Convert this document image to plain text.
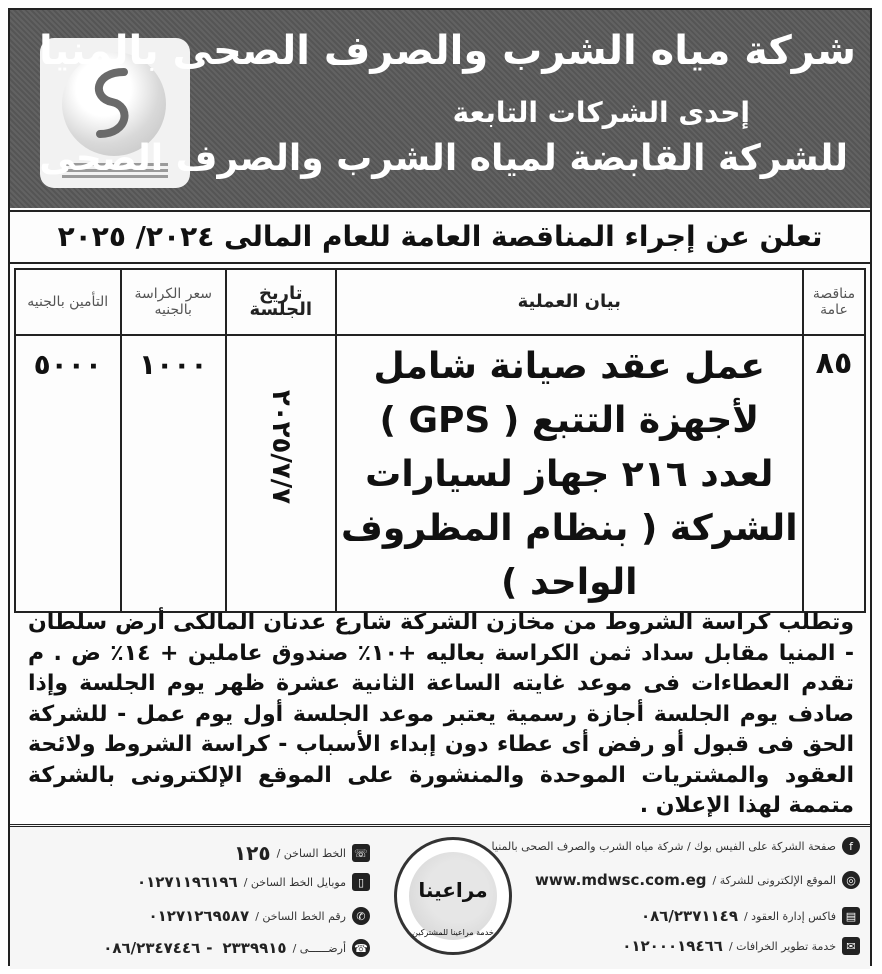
شركة مياه الشرب والصرف الصحى بالمنيا
إحدى الشركات التابعة
للشركة القابضة لمياه الشرب والصرف الصحى
تعلن عن إجراء المناقصة العامة للعام المالى ٢٠٢٤/ ٢٠٢٥
مناقصة عامة	بيان العملية	تاريخ الجلسة	سعر الكراسة بالجنيه	التأمين بالجنيه
٨٥	عمل عقد صيانة شامل لأجهزة التتبع ( GPS ) لعدد ٢١٦ جهاز لسيارات الشركة ( بنظام المظروف الواحد )	٢٠٢٥/٧/٧	١٠٠٠	٥٠٠٠
وتطلب كراسة الشروط من مخازن الشركة شارع عدنان المالكى أرض سلطان - المنيا مقابل سداد ثمن الكراسة بعاليه +١٠٪ صندوق عاملين + ١٤٪ ض . م تقدم العطاءات فى موعد غايته الساعة الثانية عشرة ظهر يوم الجلسة وإذا صادف يوم الجلسة أجازة رسمية يعتبر موعد الجلسة أول يوم عمل - للشركة الحق فى قبول أو رفض أى عطاء دون إبداء الأسباب - كراسة الشروط ولائحة العقود والمشتريات الموحدة والمنشورة على الموقع الإلكترونى بالشركة متممة لهذا الإعلان .
f
صفحة الشركة على الفيس بوك / شركة مياه الشرب والصرف الصحى بالمنيا
◎
الموقع الإلكترونى للشركة /
www.mdwsc.com.eg
▤
فاكس إدارة العقود /
٠٨٦/٢٣٧١١٤٩
✉
خدمة تطوير الخرافات /
٠١٢٠٠٠١٩٤٦٦
مراعينا
خدمة مراعينا للمشتركين
☏
الخط الساخن /
١٢٥
▯
موبايل الخط الساخن /
٠١٢٧١١٩٦١٩٦
✆
رقم الخط الساخن /
٠١٢٧١٢٦٩٥٨٧
☎
أرضــــــى /
٢٣٣٩٩١٥
-
٠٨٦/٢٣٤٧٤٤٦
